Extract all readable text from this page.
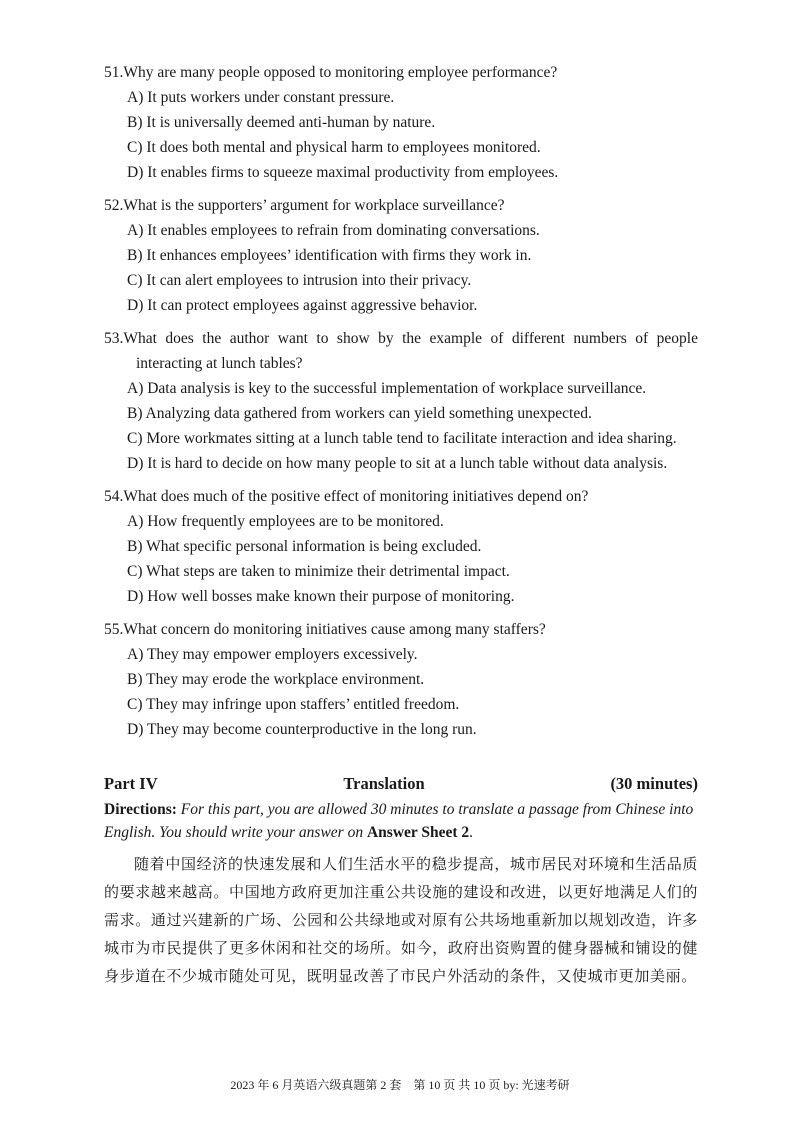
51.Why are many people opposed to monitoring employee performance?
A) It puts workers under constant pressure.
B) It is universally deemed anti-human by nature.
C) It does both mental and physical harm to employees monitored.
D) It enables firms to squeeze maximal productivity from employees.
52.What is the supporters’ argument for workplace surveillance?
A) It enables employees to refrain from dominating conversations.
B) It enhances employees’ identification with firms they work in.
C) It can alert employees to intrusion into their privacy.
D) It can protect employees against aggressive behavior.
53.What does the author want to show by the example of different numbers of people interacting at lunch tables?
A) Data analysis is key to the successful implementation of workplace surveillance.
B) Analyzing data gathered from workers can yield something unexpected.
C) More workmates sitting at a lunch table tend to facilitate interaction and idea sharing.
D) It is hard to decide on how many people to sit at a lunch table without data analysis.
54.What does much of the positive effect of monitoring initiatives depend on?
A) How frequently employees are to be monitored.
B) What specific personal information is being excluded.
C) What steps are taken to minimize their detrimental impact.
D) How well bosses make known their purpose of monitoring.
55.What concern do monitoring initiatives cause among many staffers?
A) They may empower employers excessively.
B) They may erode the workplace environment.
C) They may infringe upon staffers’ entitled freedom.
D) They may become counterproductive in the long run.
Part IV	Translation	(30 minutes)
Directions: For this part, you are allowed 30 minutes to translate a passage from Chinese into English. You should write your answer on Answer Sheet 2.
随着中国经济的快速发展和人们生活水平的稳步提高，城市居民对环境和生活品质的要求越来越高。中国地方政府更加注重公共设施的建设和改进，以更好地满足人们的需求。通过兴建新的广场、公园和公共绿地或对原有公共场地重新加以规划改造，许多城市为市民提供了更多休闲和社交的场所。如今，政府出资购置的健身器械和铺设的健身步道在不少城市随处可见，既明显改善了市民户外活动的条件，又使城市更加美丽。
2023 年 6 月英语六级真题第 2 套　第 10 页 共 10 页 by: 光速考研
